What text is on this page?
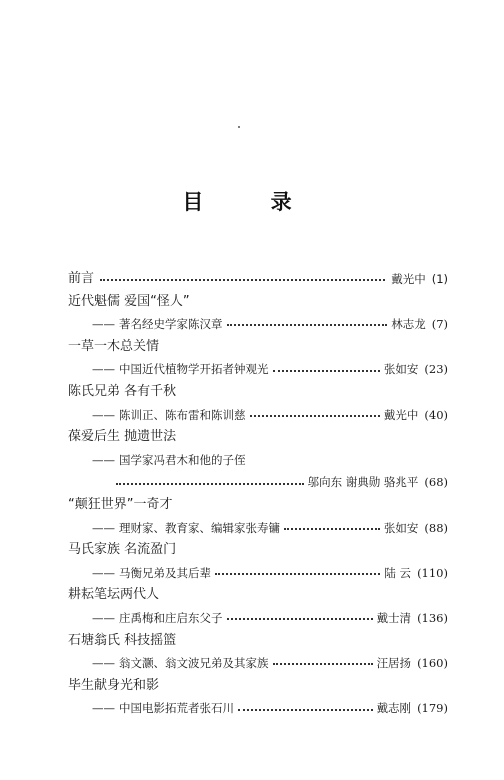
目 录
前言	戴光中 (1)
近代魁儒 爱国“怪人”
—— 著名经史学家陈汉章	林志龙 (7)
一草一木总关情
—— 中国近代植物学开拓者钟观光	张如安 (23)
陈氏兄弟 各有千秋
—— 陈训正、陈布雷和陈训慈	戴光中 (40)
葆爱后生 抛遗世法
—— 国学家冯君木和他的子侄
邬向东 谢典勋 骆兆平 (68)
“颠狂世界”一奇才
—— 理财家、教育家、编辑家张寿镛	张如安 (88)
马氏家族 名流盈门
—— 马衡兄弟及其后辈	陆 云 (110)
耕耘笔坛两代人
—— 庄禹梅和庄启东父子	戴士清 (136)
石塘翁氏 科技摇篮
—— 翁文灏、翁文波兄弟及其家族	汪居扬 (160)
毕生献身光和影
—— 中国电影拓荒者张石川	戴志刚 (179)
